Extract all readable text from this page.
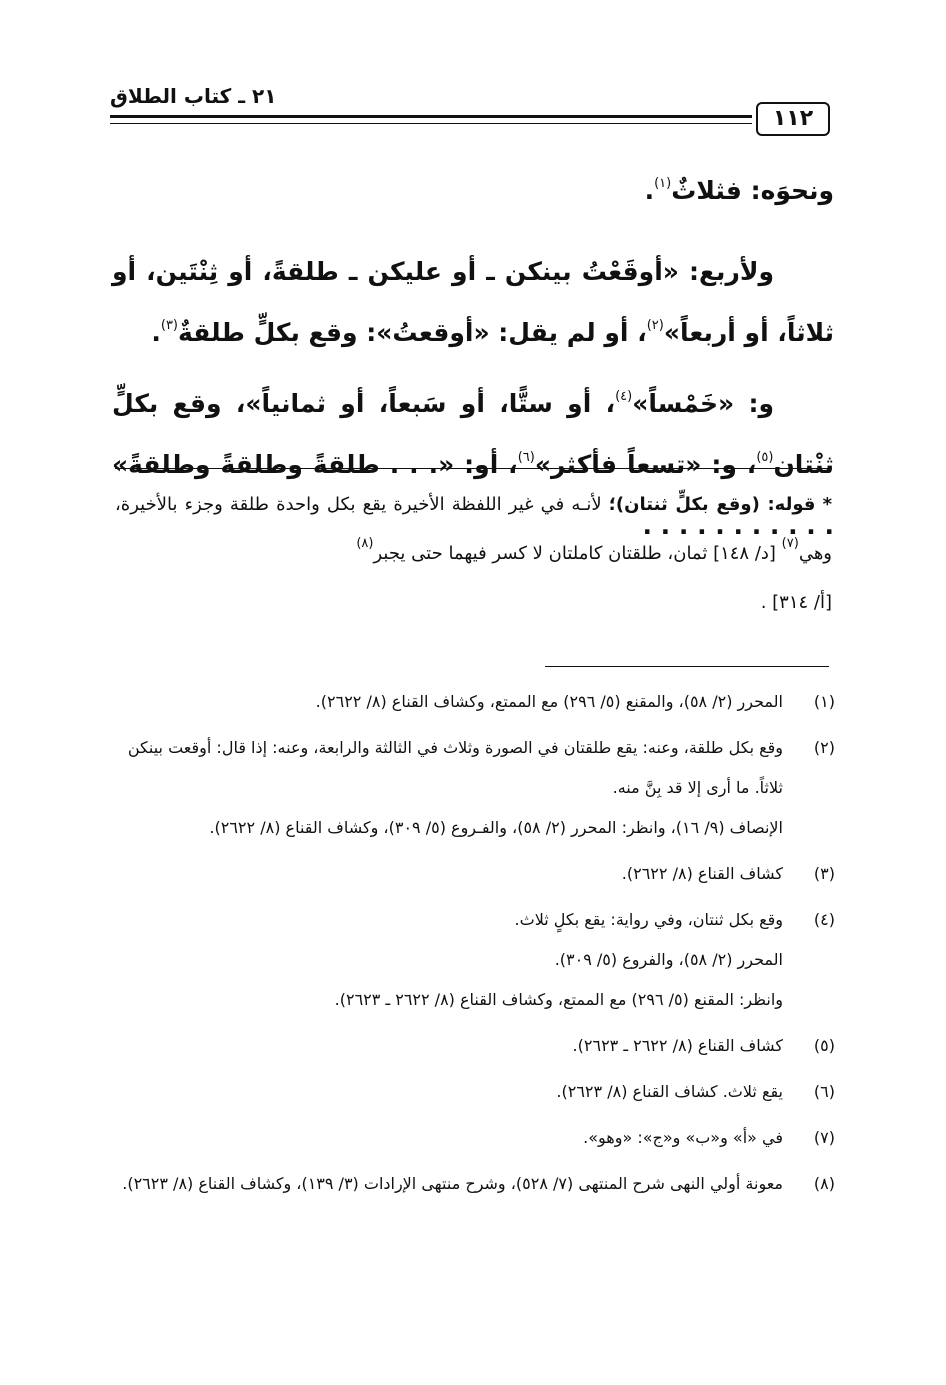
١١٢
٢١ ـ كتاب الطلاق

ونحوَه: فثلاثٌ$^{(١)}$.

ولأربع: «أوقَعْتُ بينكن ـ أو عليكن ـ طلقةً، أو ثِنْتَين، أو ثلاثاً، أو أربعاً»$^{(٢)}$، أو لم يقل: «أوقعتُ»: وقع بكلٍّ طلقةٌ$^{(٣)}$.

و: «خَمْساً»$^{(٤)}$، أو ستًّا، أو سَبعاً، أو ثمانياً»، وقع بكلٍّ ثنْتان$^{(٥)}$، و: «تسعاً فأكثر»$^{(٦)}$، أو: «. . . طلقةً وطلقةً وطلقةً» . . . . . . . . . . .

* قوله: (وقع بكلٍّ ثنتان)؛ لأنـه في غير اللفظة الأخيرة يقع بكل واحدة طلقة وجزء بالأخيرة، وهي$^{(٧)}$ [د/ ١٤٨] ثمان، طلقتان كاملتان لا كسر فيهما حتى يجبر$^{(٨)}$
[أ/ ٣١٤] .
(١)
المحرر (٢/ ٥٨)، والمقنع (٥/ ٢٩٦) مع الممتع، وكشاف القناع (٨/ ٢٦٢٢).
(٢)
وقع بكل طلقة، وعنه: يقع طلقتان في الصورة وثلاث في الثالثة والرابعة، وعنه: إذا قال: أوقعت بينكن ثلاثاً. ما أرى إلا قد بِنَّ منه.
الإنصاف (٩/ ١٦)، وانظر: المحرر (٢/ ٥٨)، والفـروع (٥/ ٣٠٩)، وكشاف القناع (٨/ ٢٦٢٢).
(٣)
كشاف القناع (٨/ ٢٦٢٢).
(٤)
وقع بكل ثنتان، وفي رواية: يقع بكلٍ ثلاث.
المحرر (٢/ ٥٨)، والفروع (٥/ ٣٠٩).
وانظر: المقنع (٥/ ٢٩٦) مع الممتع، وكشاف القناع (٨/ ٢٦٢٢ ـ ٢٦٢٣).
(٥)
كشاف القناع (٨/ ٢٦٢٢ ـ ٢٦٢٣).
(٦)
يقع ثلاث. كشاف القناع (٨/ ٢٦٢٣).
(٧)
في «أ» و«ب» و«ج»: «وهو».
(٨)
معونة أولي النهى شرح المنتهى (٧/ ٥٢٨)، وشرح منتهى الإرادات (٣/ ١٣٩)، وكشاف القناع (٨/ ٢٦٢٣).
